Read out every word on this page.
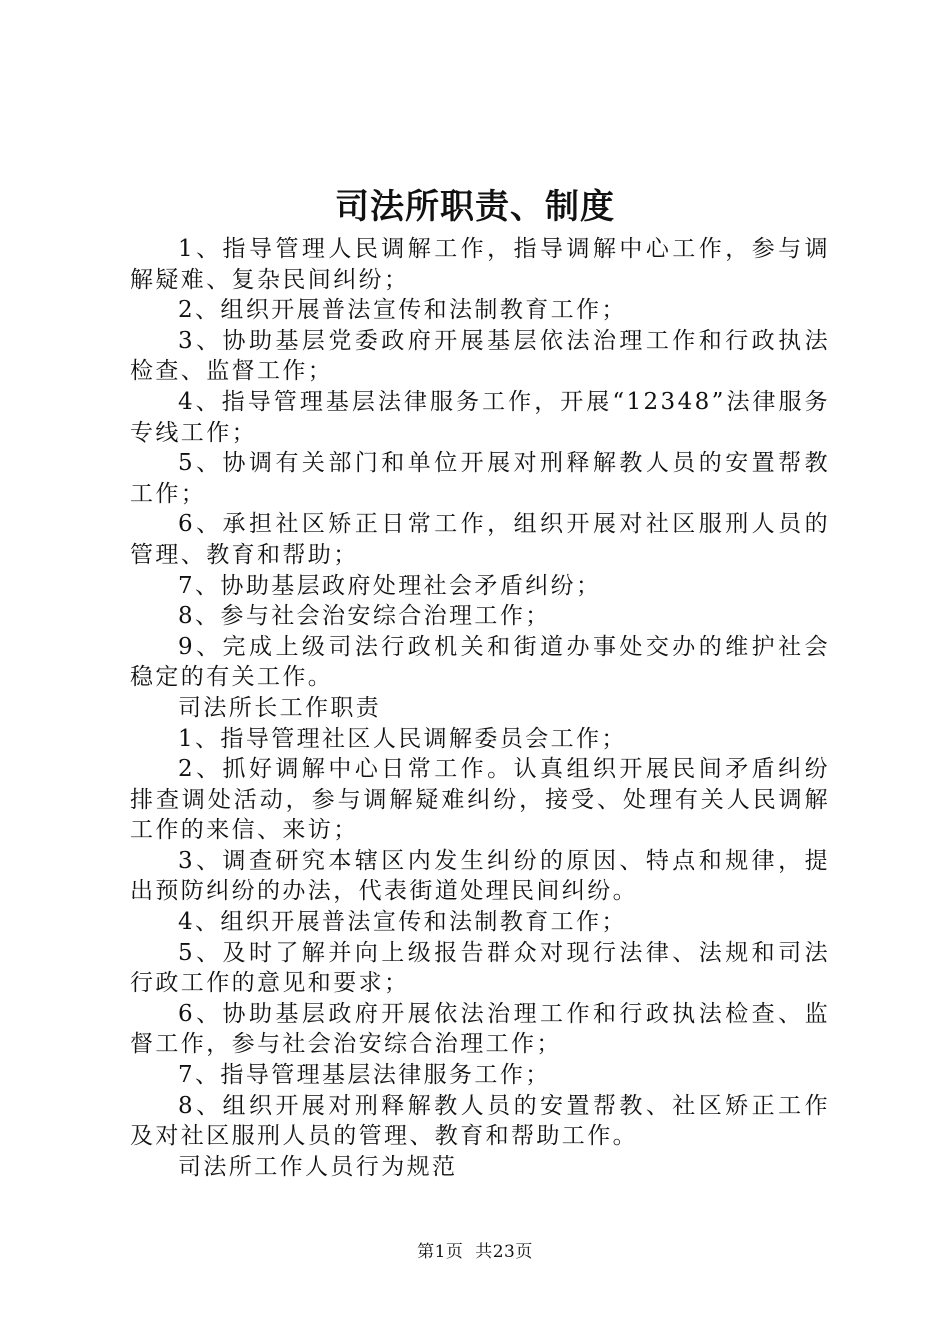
司法所职责、制度

1、指导管理人民调解工作，指导调解中心工作，参与调解疑难、复杂民间纠纷；

2、组织开展普法宣传和法制教育工作；

3、协助基层党委政府开展基层依法治理工作和行政执法检查、监督工作；

4、指导管理基层法律服务工作，开展“12348”法律服务专线工作；

5、协调有关部门和单位开展对刑释解教人员的安置帮教工作；

6、承担社区矫正日常工作，组织开展对社区服刑人员的管理、教育和帮助；

7、协助基层政府处理社会矛盾纠纷；

8、参与社会治安综合治理工作；

9、完成上级司法行政机关和街道办事处交办的维护社会稳定的有关工作。

司法所长工作职责

1、指导管理社区人民调解委员会工作；

2、抓好调解中心日常工作。认真组织开展民间矛盾纠纷排查调处活动，参与调解疑难纠纷，接受、处理有关人民调解工作的来信、来访；

3、调查研究本辖区内发生纠纷的原因、特点和规律，提出预防纠纷的办法，代表街道处理民间纠纷。

4、组织开展普法宣传和法制教育工作；

5、及时了解并向上级报告群众对现行法律、法规和司法行政工作的意见和要求；

6、协助基层政府开展依法治理工作和行政执法检查、监督工作，参与社会治安综合治理工作；

7、指导管理基层法律服务工作；

8、组织开展对刑释解教人员的安置帮教、社区矫正工作及对社区服刑人员的管理、教育和帮助工作。

司法所工作人员行为规范

第1页  共23页
